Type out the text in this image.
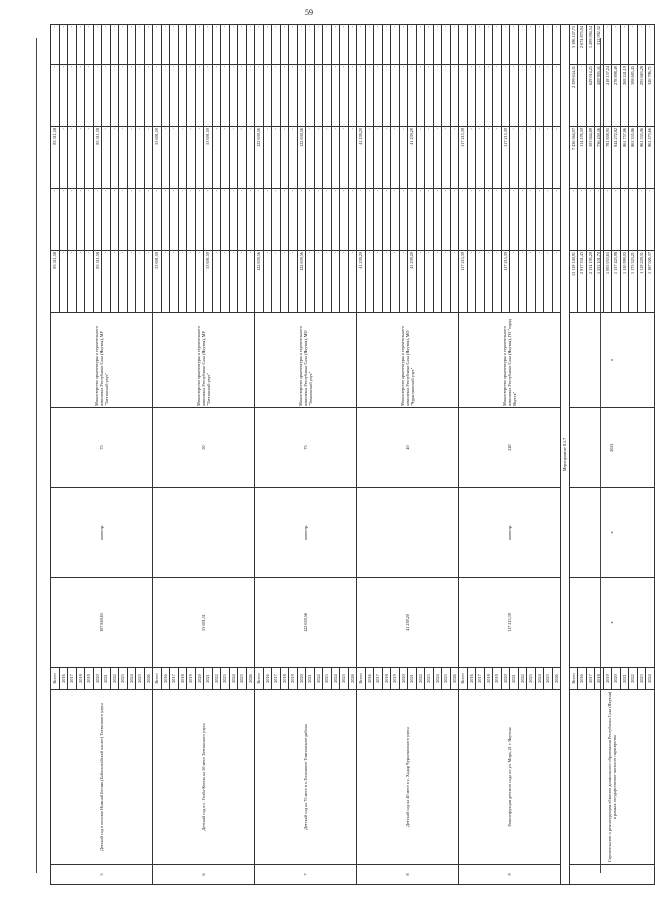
59
5	Детский сад в поселке Нижний Бестях (Байагантайский наслег) Таттинского улуса	Всего	107 849,65	новостр.	75	Министерство архитектуры и строительного комплекса Республики Саха (Якутия), МР "Таттинский улус"	83 511,58	-	83 511,58	-	-
		2016					-	-	-	-	-
		2017					-	-	-	-	-
		2018					-	-	-	-	-
		2019					-	-	-	-	-
		2020					83 511,58	-	83 511,58	-	-
		2021					-	-	-	-	-
		2022					-	-	-	-	-
		2023					-	-	-	-	-
		2024					-	-	-	-	-
		2025					-	-	-	-	-
		2026					-	-	-	-	-
6	Детский сад в с. Уолба-Кюель на 50 мест Таттинского улуса	Всего	53 691,51		50	Министерство архитектуры и строительного комплекса Республики Саха (Якутия), МР "Таттинский улус"	53 691,50	-	53 691,50	-	-
		2016					-	-	-	-	-
		2017					-	-	-	-	-
		2018					-	-	-	-	-
		2019					-	-	-	-	-
		2020					-	-	-	-	-
		2021					53 691,50	-	53 691,50	-	-
		2022					-	-	-	-	-
		2023					-	-	-	-	-
		2024					-	-	-	-	-
		2025					-	-	-	-	-
		2026					-	-	-	-	-
7	Детский сад на 75 мест в п.Тополиное Томпонского района	Всего	122 639,56	новостр.	75	Министерство архитектуры и строительного комплекса Республики Саха (Якутия), МО "Томпонский улус"	122 639,56	-	122 639,56	-	-
		2016					-	-	-	-	-
		2017					-	-	-	-	-
		2018					-	-	-	-	-
		2019					-	-	-	-	-
		2020					122 639,56	-	122 639,56	-	-
		2021					-	-	-	-	-
		2022					-	-	-	-	-
		2023					-	-	-	-	-
		2024					-	-	-	-	-
		2025					-	-	-	-	-
		2026					-	-	-	-	-
8	Детский сад на 40 мест в с. Хадар Чурапчинского улуса	Всего	41 239,20		40	Министерство архитектуры и строительного комплекса Республики Саха (Якутия), МО "Чурапчинский улус"	41 239,20	-	41 239,20	-	-
		2016					-	-	-	-	-
		2017					-	-	-	-	-
		2018					-	-	-	-	-
		2019					-	-	-	-	-
		2020					-	-	-	-	-
		2021					41 239,20	-	41 239,20	-	-
		2022					-	-	-	-	-
		2023					-	-	-	-	-
		2024					-	-	-	-	-
		2025					-	-	-	-	-
		2026					-	-	-	-	-
9	Реконструкция детского сада по ул. Мира, 21 г. Якутска	Всего	117 215,39	новостр.	240	Министерство архитектуры и строительного комплекса Республики Саха (Якутия), ГО "город Якутск"	117 215,39	-	117 215,39	-	-
		2016					-	-	-	-	-
		2017					-	-	-	-	-
		2018					-	-	-	-	-
		2019					-	-	-	-	-
		2020					117 215,39	-	117 215,39	-	-
		2021					-	-	-	-	-
		2022					-	-	-	-	-
		2023					-	-	-	-	-
		2024					-	-	-	-	-
		2025					-	-	-	-	-
		2026					-	-	-	-	-
Мероприятие 8.1.7											
	Строительство и реконструкция объектов дошкольного образования Республики Саха (Якутия) в рамках государственно-частного партнерства	Всего	х	х	2021	х	13 119 149,91	-	7 436 364,07	2 399 634,11	3 196 127,73
		2016					2 917 331,43	-	114 276,50	-	2 674 875,04
		2017					2 134 195,20	-	303 844,89	629 014,25	1 209 094,54
		2018					1 333 101,70	-	736 450,36	289 905,11	312 092,32
		2019					1 005 033,65	-	781 858,95	218 137,24	-
		2020					1 137 425,98	-	844 272,82	278 898,49	-
		2021					1 130 999,05	-	861 757,86	269 241,19	-
		2022					1 175 323,21	-	863 335,86	308 685,45	-
		2023					1 119 229,31	-	861 535,06	295 663,28	-
		2024					1 187 026,37	-	861 275,66	326 796,71	-
